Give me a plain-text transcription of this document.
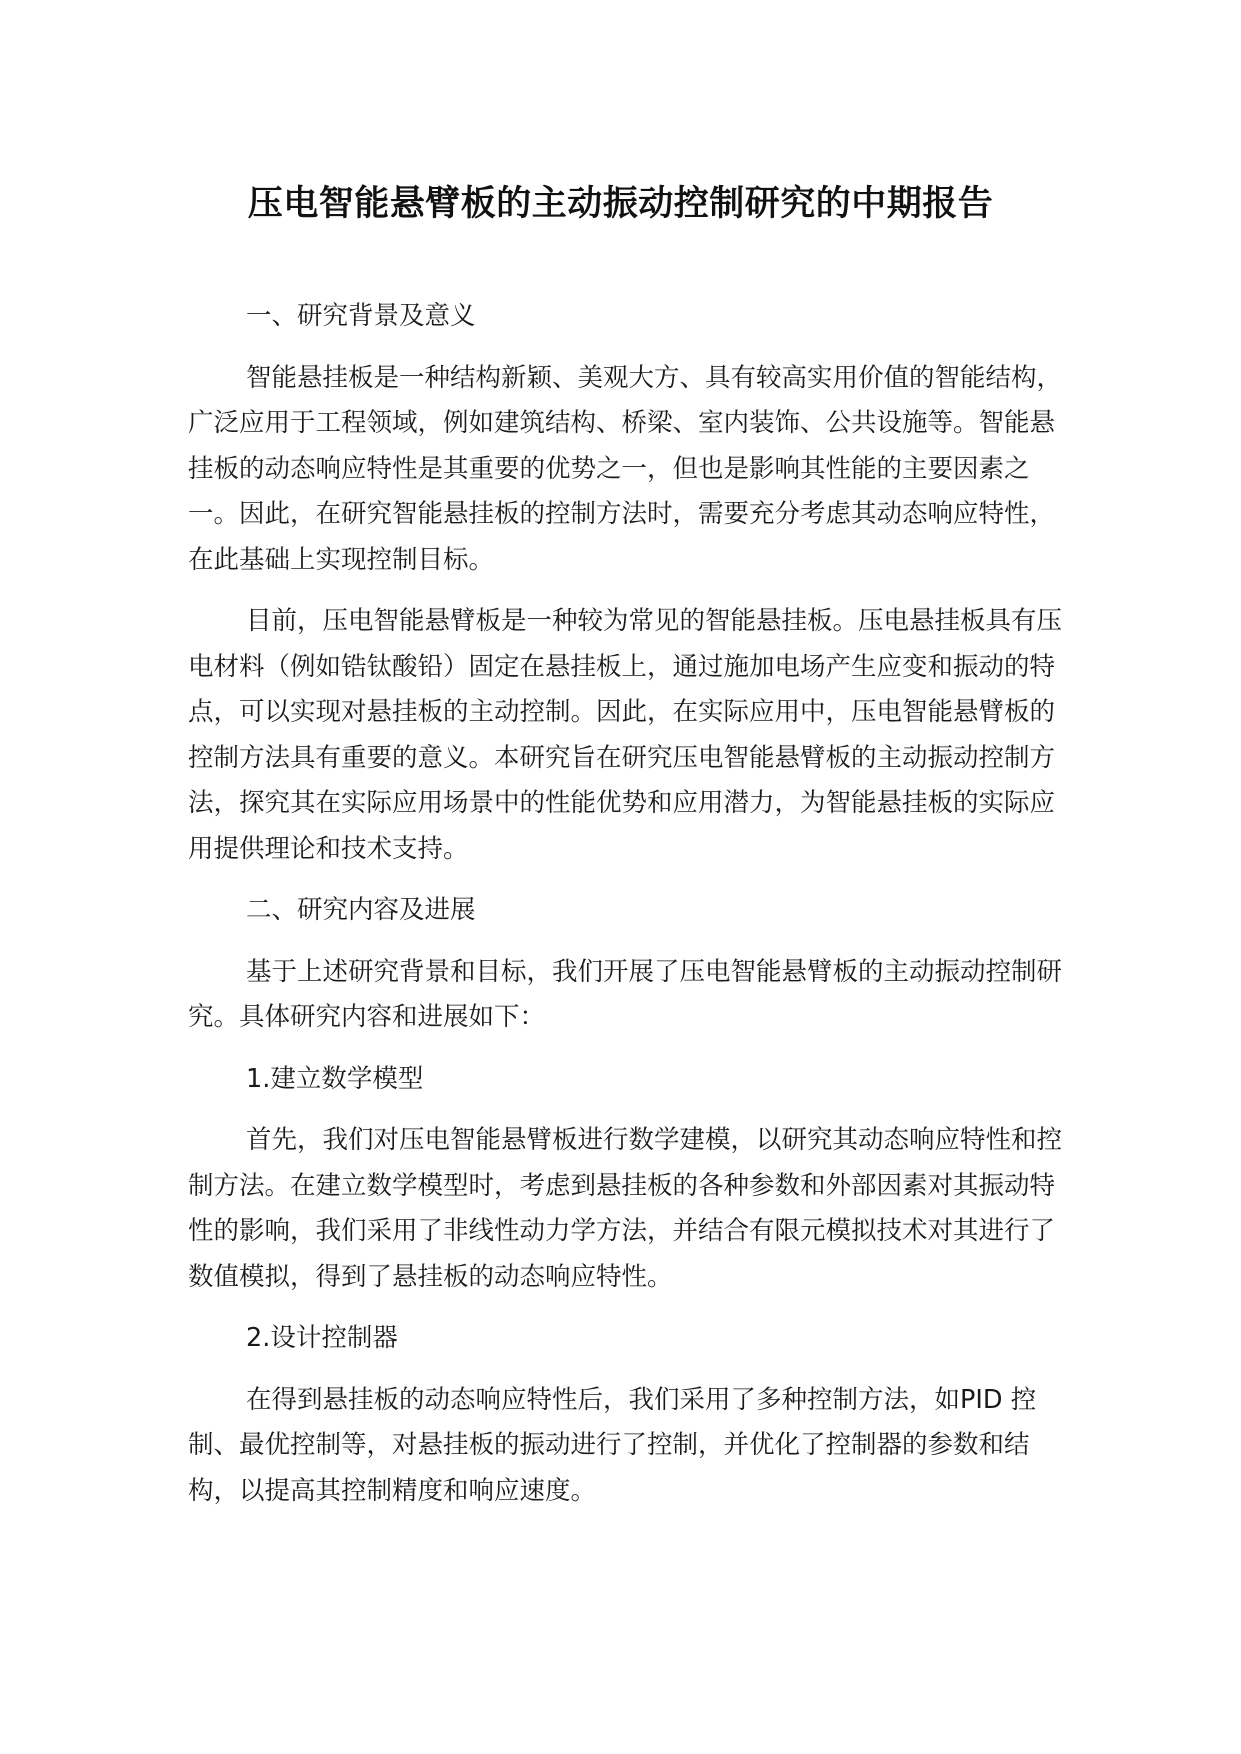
压电智能悬臂板的主动振动控制研究的中期报告

一、研究背景及意义

智能悬挂板是一种结构新颖、美观大方、具有较高实用价值的智能结构，广泛应用于工程领域，例如建筑结构、桥梁、室内装饰、公共设施等。智能悬挂板的动态响应特性是其重要的优势之一，但也是影响其性能的主要因素之一。因此，在研究智能悬挂板的控制方法时，需要充分考虑其动态响应特性，在此基础上实现控制目标。

目前，压电智能悬臂板是一种较为常见的智能悬挂板。压电悬挂板具有压电材料（例如锆钛酸铅）固定在悬挂板上，通过施加电场产生应变和振动的特点，可以实现对悬挂板的主动控制。因此，在实际应用中，压电智能悬臂板的控制方法具有重要的意义。本研究旨在研究压电智能悬臂板的主动振动控制方法，探究其在实际应用场景中的性能优势和应用潜力，为智能悬挂板的实际应用提供理论和技术支持。

二、研究内容及进展

基于上述研究背景和目标，我们开展了压电智能悬臂板的主动振动控制研究。具体研究内容和进展如下：

1.建立数学模型

首先，我们对压电智能悬臂板进行数学建模，以研究其动态响应特性和控制方法。在建立数学模型时，考虑到悬挂板的各种参数和外部因素对其振动特性的影响，我们采用了非线性动力学方法，并结合有限元模拟技术对其进行了数值模拟，得到了悬挂板的动态响应特性。

2.设计控制器

在得到悬挂板的动态响应特性后，我们采用了多种控制方法，如PID 控制、最优控制等，对悬挂板的振动进行了控制，并优化了控制器的参数和结构，以提高其控制精度和响应速度。
